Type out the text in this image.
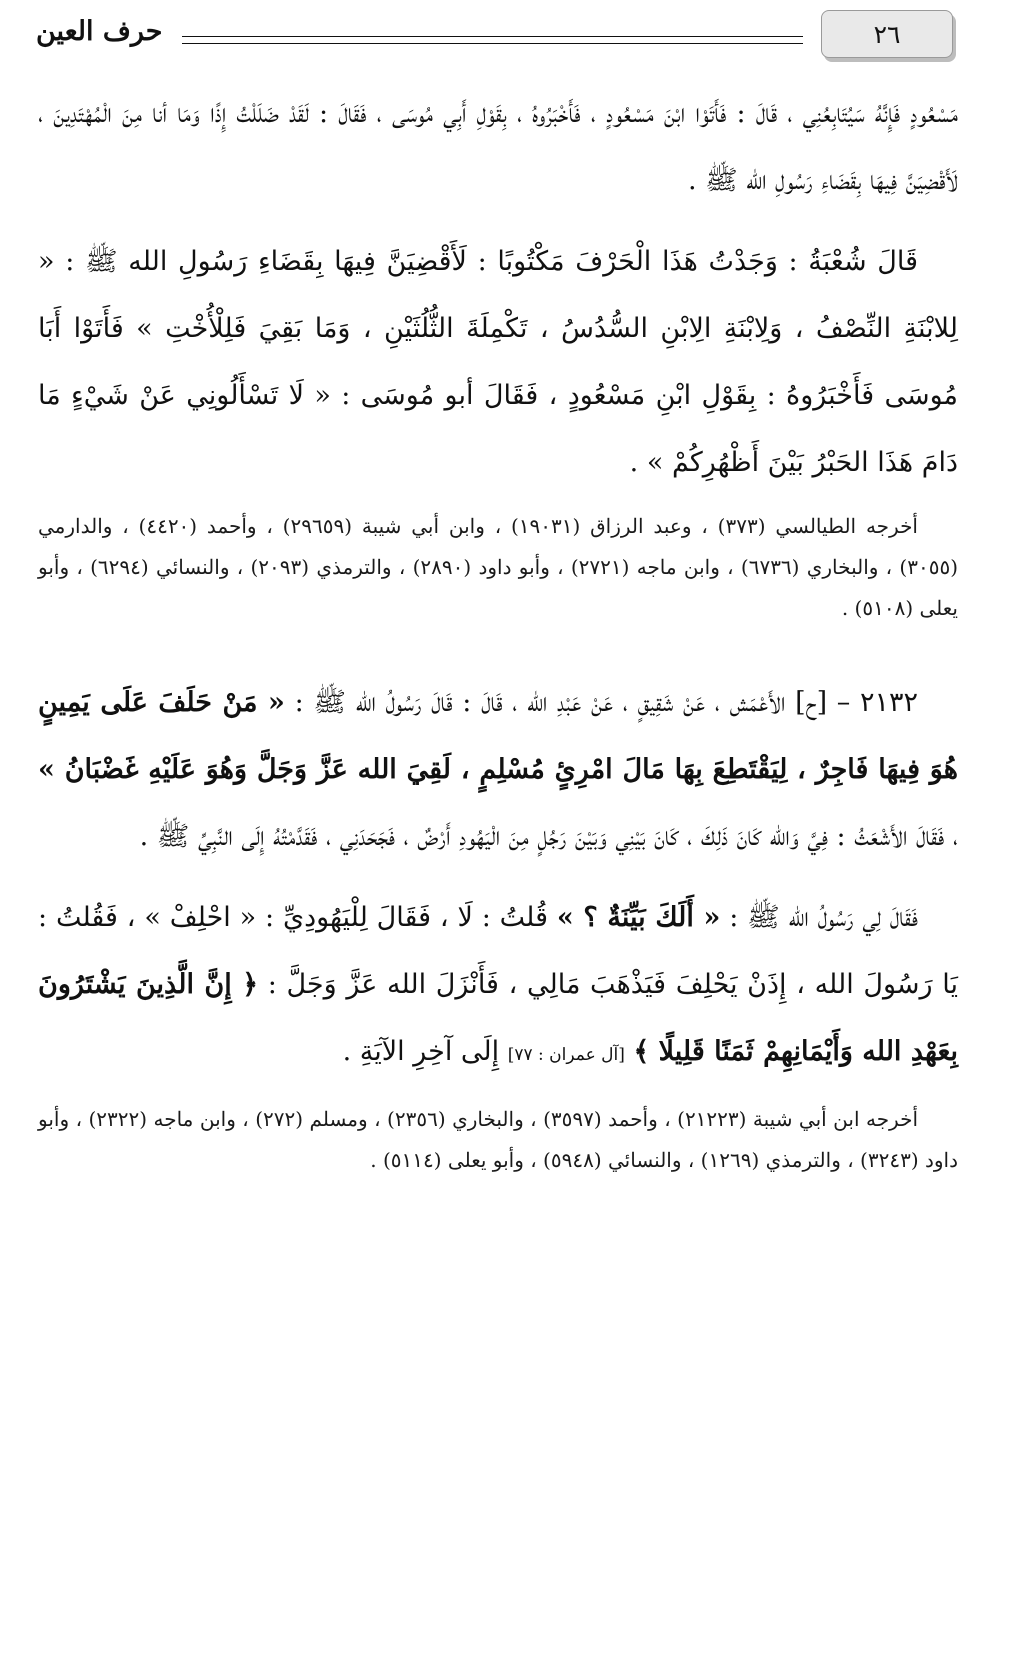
حرف العين	٢٦

مَسْعُودٍ فَإِنَّهُ سَيُتَابِعُنِي ، قَالَ : فَأَتَوْا ابْنَ مَسْعُودٍ ، فَأَخْبَرُوهُ ، بِقَوْلِ أَبِي مُوسَى ، فَقَالَ : لَقَدْ ضَلَلْتُ إِذًا وَمَا أنا مِنَ الْمُهْتَدِينَ ، لَأَقْضِيَنَّ فِيهَا بِقَضَاءِ رَسُولِ الله ﷺ .

قَالَ شُعْبَةُ : وَجَدْتُ هَذَا الْحَرْفَ مَكْتُوبًا : لَأَقْضِيَنَّ فِيهَا بِقَضَاءِ رَسُولِ الله ﷺ : « لِلابْنَةِ النِّصْفُ ، وَلِابْنَةِ الِابْنِ السُّدُسُ ، تَكْمِلَةَ الثُّلُثَيْنِ ، وَمَا بَقِيَ فَلِلْأُخْتِ » فَأَتَوْا أَبَا مُوسَى فَأَخْبَرُوهُ : بِقَوْلِ ابْنِ مَسْعُودٍ ، فَقَالَ أبو مُوسَى : « لَا تَسْأَلُونِي عَنْ شَيْءٍ مَا دَامَ هَذَا الحَبْرُ بَيْنَ أَظْهُرِكُمْ » .

أخرجه الطيالسي (٣٧٣) ، وعبد الرزاق (١٩٠٣١) ، وابن أبي شيبة (٢٩٦٥٩) ، وأحمد (٤٤٢٠) ، والدارمي (٣٠٥٥) ، والبخاري (٦٧٣٦) ، وابن ماجه (٢٧٢١) ، وأبو داود (٢٨٩٠) ، والترمذي (٢٠٩٣) ، والنسائي (٦٢٩٤) ، وأبو يعلى (٥١٠٨) .

٢١٣٢ – [ح] الأَعْمَش ، عَنْ شَقِيقٍ ، عَنْ عَبْدِ الله ، قَالَ : قَالَ رَسُولُ الله ﷺ : « مَنْ حَلَفَ عَلَى يَمِينٍ هُوَ فِيهَا فَاجِرٌ ، لِيَقْتَطِعَ بِهَا مَالَ امْرِئٍ مُسْلِمٍ ، لَقِيَ الله عَزَّ وَجَلَّ وَهُوَ عَلَيْهِ غَضْبَانُ » ، فَقَالَ الأَشْعَثُ : فِيَّ وَالله كَانَ ذَلِكَ ، كَانَ بَيْنِي وَبَيْنَ رَجُلٍ مِنَ الْيَهُودِ أَرْضٌ ، فَجَحَدَنِي ، فَقَدَّمْتُهُ إِلَى النَّبِيِّ ﷺ .

فَقَالَ لِي رَسُولُ الله ﷺ : « أَلَكَ بَيِّنَةٌ ؟ » قُلتُ : لَا ، فَقَالَ لِلْيَهُودِيِّ : « احْلِفْ » ، فَقُلتُ : يَا رَسُولَ الله ، إِذَنْ يَحْلِفَ فَيَذْهَبَ مَالِي ، فَأَنْزَلَ الله عَزَّ وَجَلَّ : ﴿ إِنَّ الَّذِينَ يَشْتَرُونَ بِعَهْدِ الله وَأَيْمَانِهِمْ ثَمَنًا قَلِيلًا ﴾ [آل عمران : ٧٧] إِلَى آخِرِ الآيَةِ .

أخرجه ابن أبي شيبة (٢١٢٢٣) ، وأحمد (٣٥٩٧) ، والبخاري (٢٣٥٦) ، ومسلم (٢٧٢) ، وابن ماجه (٢٣٢٢) ، وأبو داود (٣٢٤٣) ، والترمذي (١٢٦٩) ، والنسائي (٥٩٤٨) ، وأبو يعلى (٥١١٤) .
